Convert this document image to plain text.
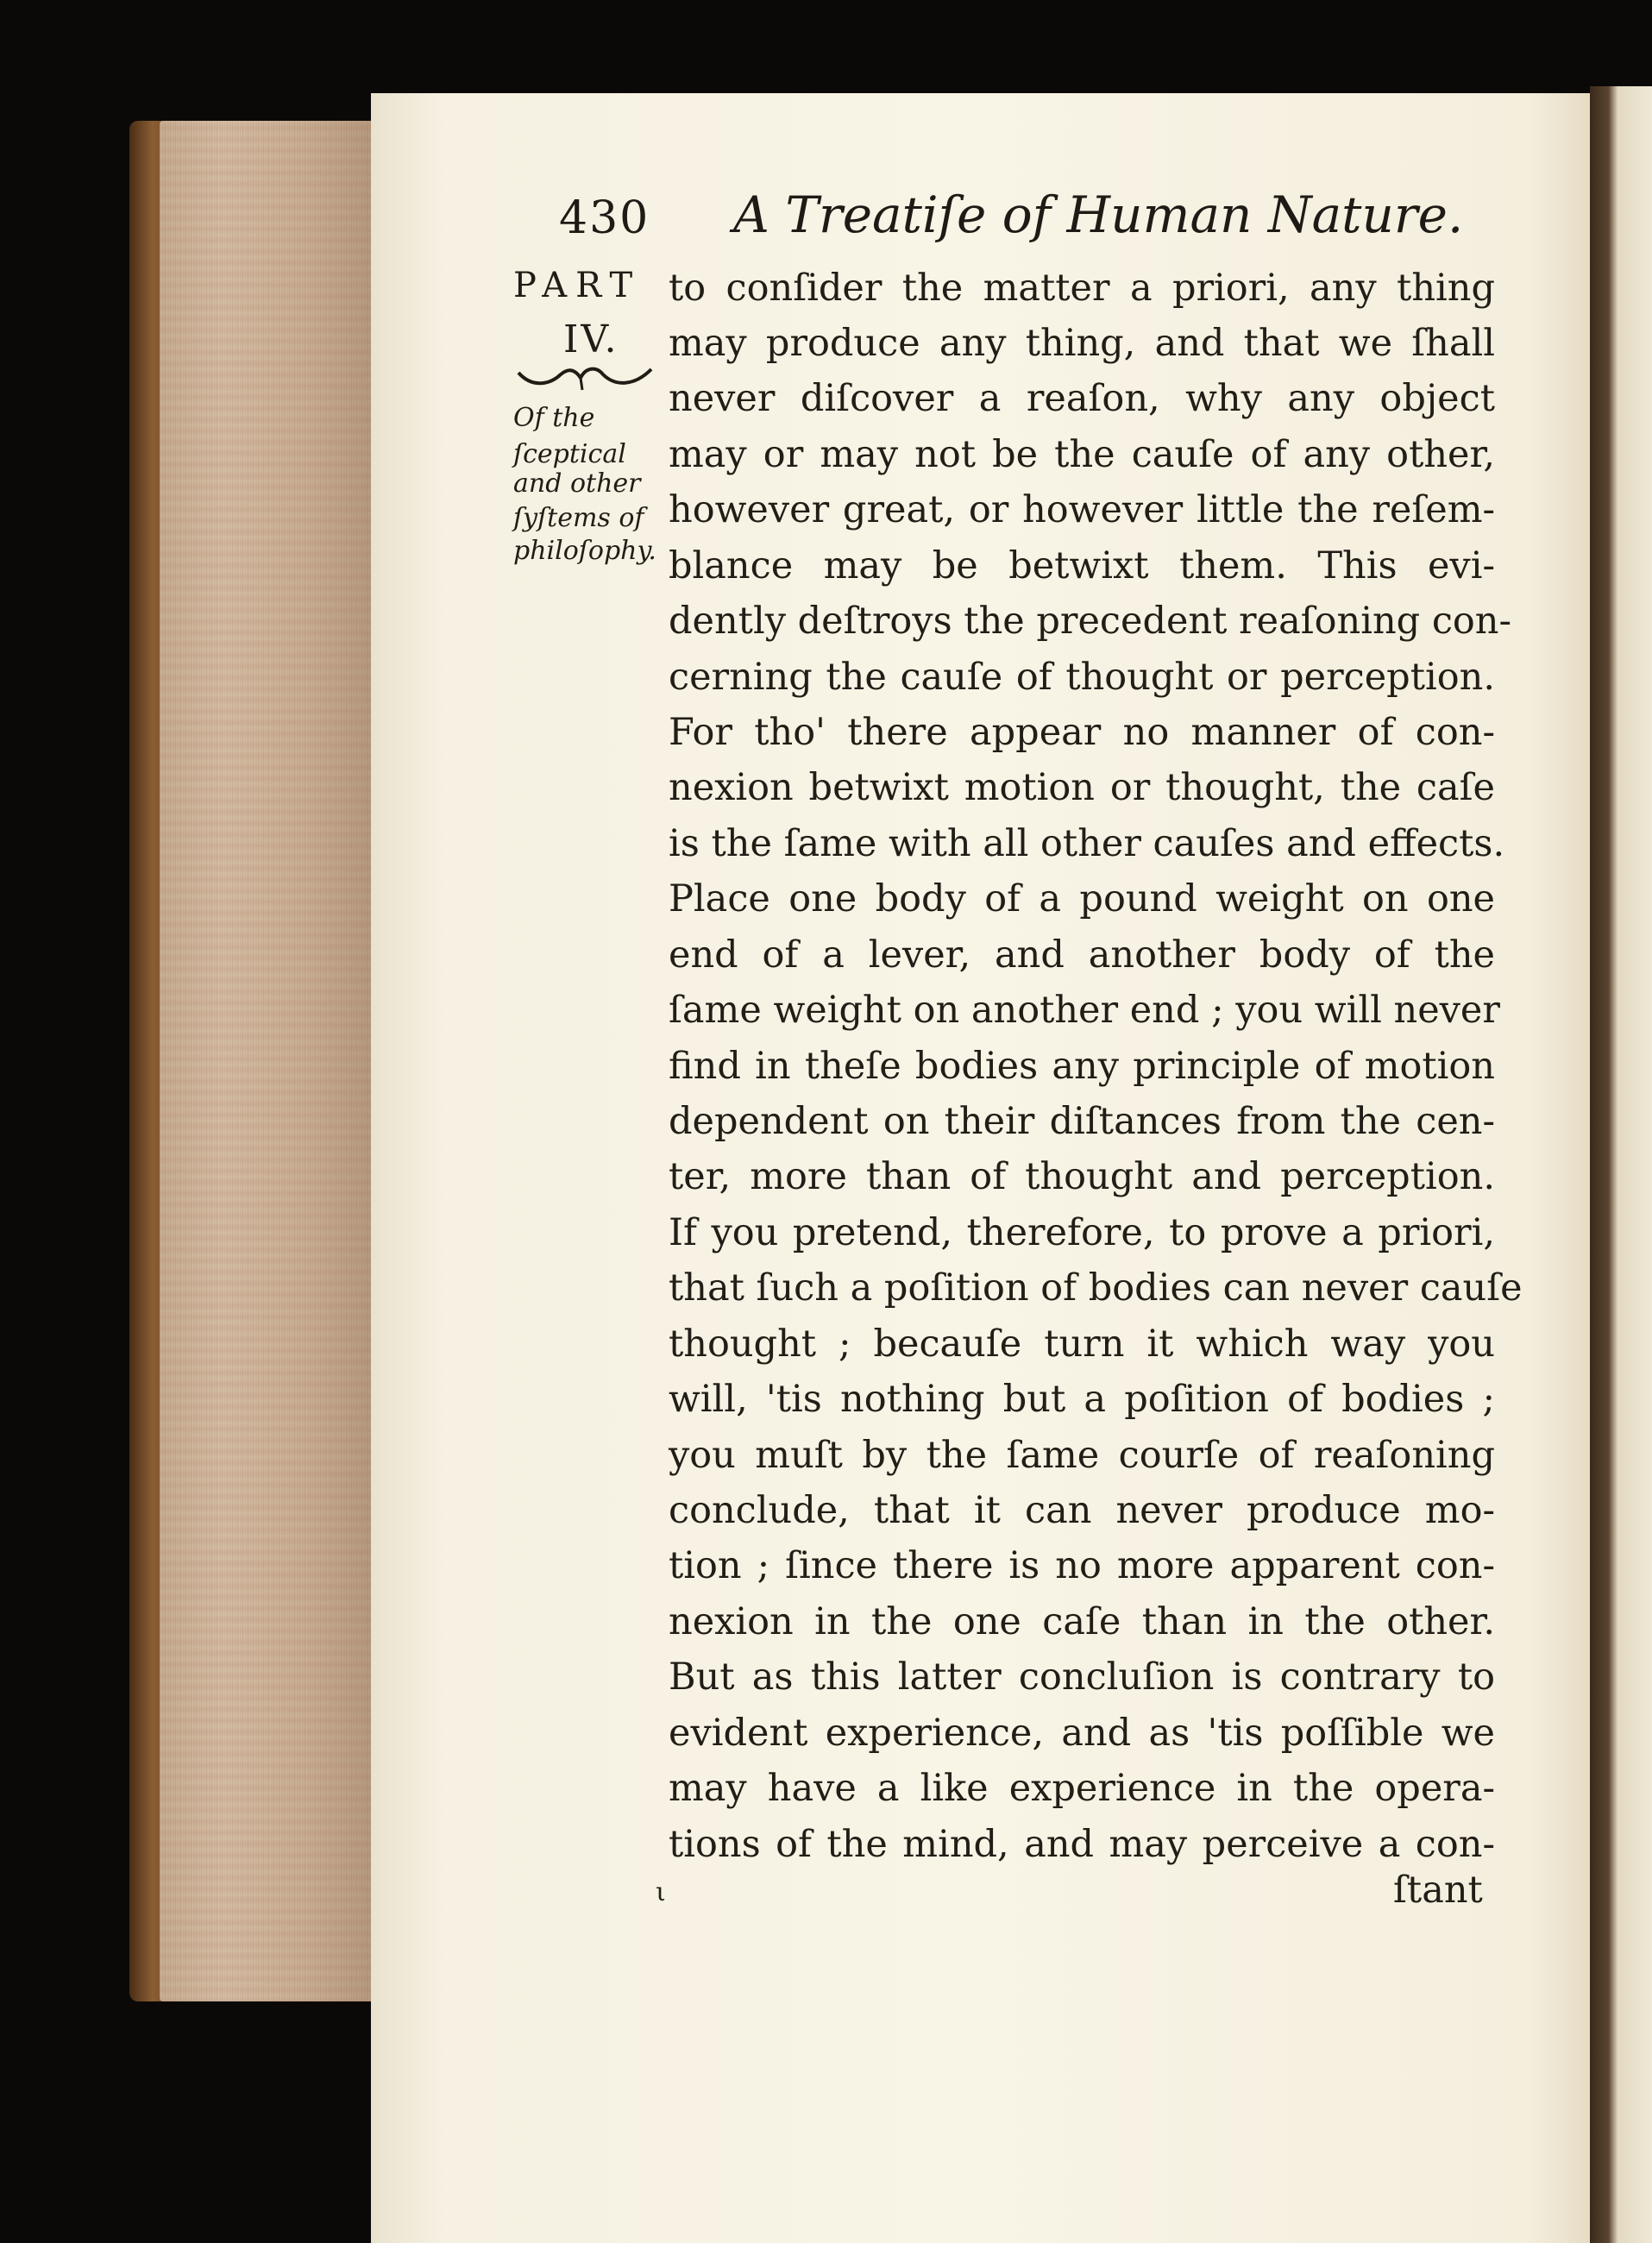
430 A Treatiſe of Human Nature.
PART
IV.
Of the
ſceptical
and other
ſyſtems of
philoſophy.
to conſider the matter a priori, any thing
may produce any thing, and that we ſhall
never diſcover a reaſon, why any object
may or may not be the cauſe of any other,
however great, or however little the reſem-
blance may be betwixt them. This evi-
dently deſtroys the precedent reaſoning con-
cerning the cauſe of thought or perception.
For tho' there appear no manner of con-
nexion betwixt motion or thought, the caſe
is the ſame with all other cauſes and effects.
Place one body of a pound weight on one
end of a lever, and another body of the
ſame weight on another end ; you will never
find in theſe bodies any principle of motion
dependent on their diſtances from the cen-
ter, more than of thought and perception.
If you pretend, therefore, to prove a priori,
that ſuch a poſition of bodies can never cauſe
thought ; becauſe turn it which way you
will, 'tis nothing but a poſition of bodies ;
you muſt by the ſame courſe of reaſoning
conclude, that it can never produce mo-
tion ; ſince there is no more apparent con-
nexion in the one caſe than in the other.
But as this latter concluſion is contrary to
evident experience, and as 'tis poſſible we
may have a like experience in the opera-
tions of the mind, and may perceive a con-
ι	ſtant
